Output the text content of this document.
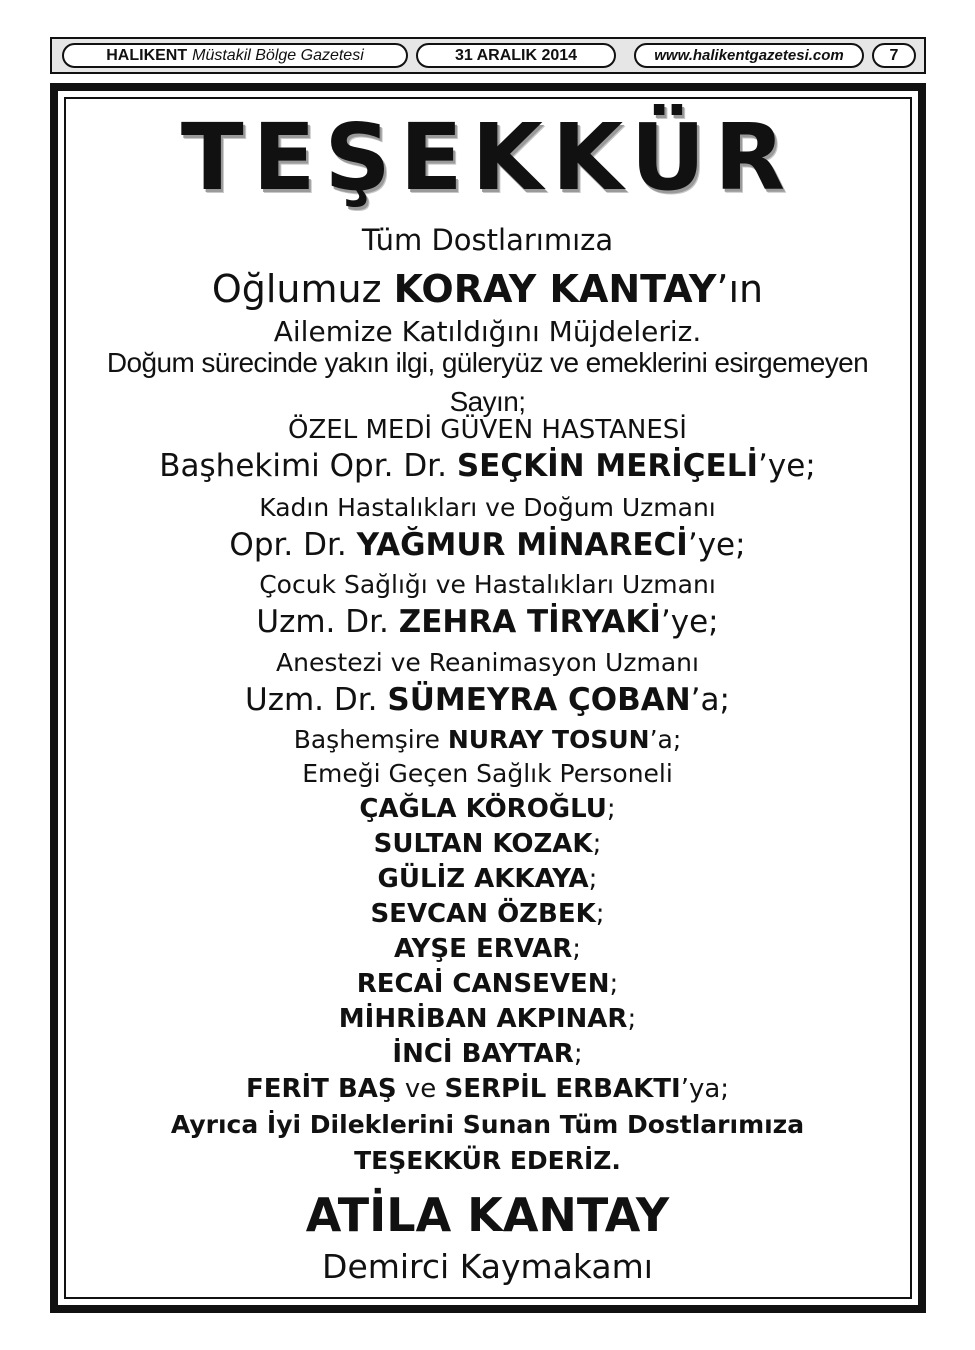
HALIKENT Müstakil Bölge Gazetesi	31 ARALIK 2014	www.halikentgazetesi.com	7
TEŞEKKÜR
Tüm Dostlarımıza
Oğlumuz KORAY KANTAY’ın
Ailemize Katıldığını Müjdeleriz.
Doğum sürecinde yakın ilgi, güleryüz ve emeklerini esirgemeyen
Sayın;
ÖZEL MEDİ GÜVEN HASTANESİ
Başhekimi Opr. Dr. SEÇKİN MERİÇELİ’ye;
Kadın Hastalıkları ve Doğum Uzmanı
Opr. Dr. YAĞMUR MİNARECİ’ye;
Çocuk Sağlığı ve Hastalıkları Uzmanı
Uzm. Dr. ZEHRA TİRYAKİ’ye;
Anestezi ve Reanimasyon Uzmanı
Uzm. Dr. SÜMEYRA ÇOBAN’a;
Başhemşire NURAY TOSUN’a;
Emeği Geçen Sağlık Personeli
ÇAĞLA KÖROĞLU;
SULTAN KOZAK;
GÜLİZ AKKAYA;
SEVCAN ÖZBEK;
AYŞE ERVAR;
RECAİ CANSEVEN;
MİHRİBAN AKPINAR;
İNCİ BAYTAR;
FERİT BAŞ ve SERPİL ERBAKTI’ya;
Ayrıca İyi Dileklerini Sunan Tüm Dostlarımıza
TEŞEKKÜR EDERİZ.
ATİLA KANTAY
Demirci Kaymakamı
